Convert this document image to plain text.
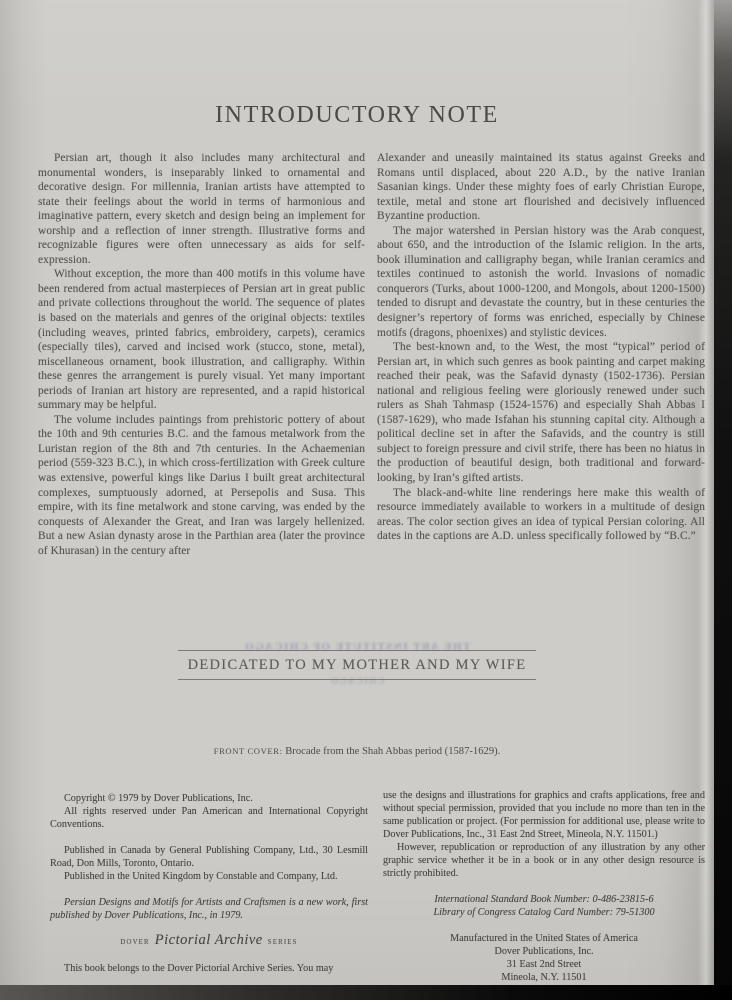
INTRODUCTORY NOTE

Persian art, though it also includes many architectural and monumental wonders, is inseparably linked to ornamental and decorative design. For millennia, Iranian artists have attempted to state their feelings about the world in terms of harmonious and imaginative pattern, every sketch and design being an implement for worship and a reflection of inner strength. Illustrative forms and recognizable figures were often unnecessary as aids for self-expression.

Without exception, the more than 400 motifs in this volume have been rendered from actual masterpieces of Persian art in great public and private collections throughout the world. The sequence of plates is based on the materials and genres of the original objects: textiles (including weaves, printed fabrics, embroidery, carpets), ceramics (especially tiles), carved and incised work (stucco, stone, metal), miscellaneous ornament, book illustration, and calligraphy. Within these genres the arrangement is purely visual. Yet many important periods of Iranian art history are represented, and a rapid historical summary may be helpful.

The volume includes paintings from prehistoric pottery of about the 10th and 9th centuries B.C. and the famous metalwork from the Luristan region of the 8th and 7th centuries. In the Achaemenian period (559-323 B.C.), in which cross-fertilization with Greek culture was extensive, powerful kings like Darius I built great architectural complexes, sumptuously adorned, at Persepolis and Susa. This empire, with its fine metalwork and stone carving, was ended by the conquests of Alexander the Great, and Iran was largely hellenized. But a new Asian dynasty arose in the Parthian area (later the province of Khurasan) in the century after

Alexander and uneasily maintained its status against Greeks and Romans until displaced, about 220 A.D., by the native Iranian Sasanian kings. Under these mighty foes of early Christian Europe, textile, metal and stone art flourished and decisively influenced Byzantine production.

The major watershed in Persian history was the Arab conquest, about 650, and the introduction of the Islamic religion. In the arts, book illumination and calligraphy began, while Iranian ceramics and textiles continued to astonish the world. Invasions of nomadic conquerors (Turks, about 1000-1200, and Mongols, about 1200-1500) tended to disrupt and devastate the country, but in these centuries the designer’s repertory of forms was enriched, especially by Chinese motifs (dragons, phoenixes) and stylistic devices.

The best-known and, to the West, the most “typical” period of Persian art, in which such genres as book painting and carpet making reached their peak, was the Safavid dynasty (1502-1736). Persian national and religious feeling were gloriously renewed under such rulers as Shah Tahmasp (1524-1576) and especially Shah Abbas I (1587-1629), who made Isfahan his stunning capital city. Although a political decline set in after the Safavids, and the country is still subject to foreign pressure and civil strife, there has been no hiatus in the production of beautiful design, both traditional and forward-looking, by Iran’s gifted artists.

The black-and-white line renderings here make this wealth of resource immediately available to workers in a multitude of design areas. The color section gives an idea of typical Persian coloring. All dates in the captions are A.D. unless specifically followed by “B.C.”

THE ART INSTITUTE OF CHICAGO
CHICAGO
DEDICATED TO MY MOTHER AND MY WIFE
FRONT COVER: Brocade from the Shah Abbas period (1587-1629).

Copyright © 1979 by Dover Publications, Inc.

All rights reserved under Pan American and International Copyright Conventions.

Published in Canada by General Publishing Company, Ltd., 30 Lesmill Road, Don Mills, Toronto, Ontario.

Published in the United Kingdom by Constable and Company, Ltd.

Persian Designs and Motifs for Artists and Craftsmen is a new work, first published by Dover Publications, Inc., in 1979.

DOVER Pictorial Archive SERIES

This book belongs to the Dover Pictorial Archive Series. You may

use the designs and illustrations for graphics and crafts applications, free and without special permission, provided that you include no more than ten in the same publication or project. (For permission for additional use, please write to Dover Publications, Inc., 31 East 2nd Street, Mineola, N.Y. 11501.)

However, republication or reproduction of any illustration by any other graphic service whether it be in a book or in any other design resource is strictly prohibited.

International Standard Book Number: 0-486-23815-6

Library of Congress Catalog Card Number: 79-51300

Manufactured in the United States of America

Dover Publications, Inc.

31 East 2nd Street

Mineola, N.Y. 11501
